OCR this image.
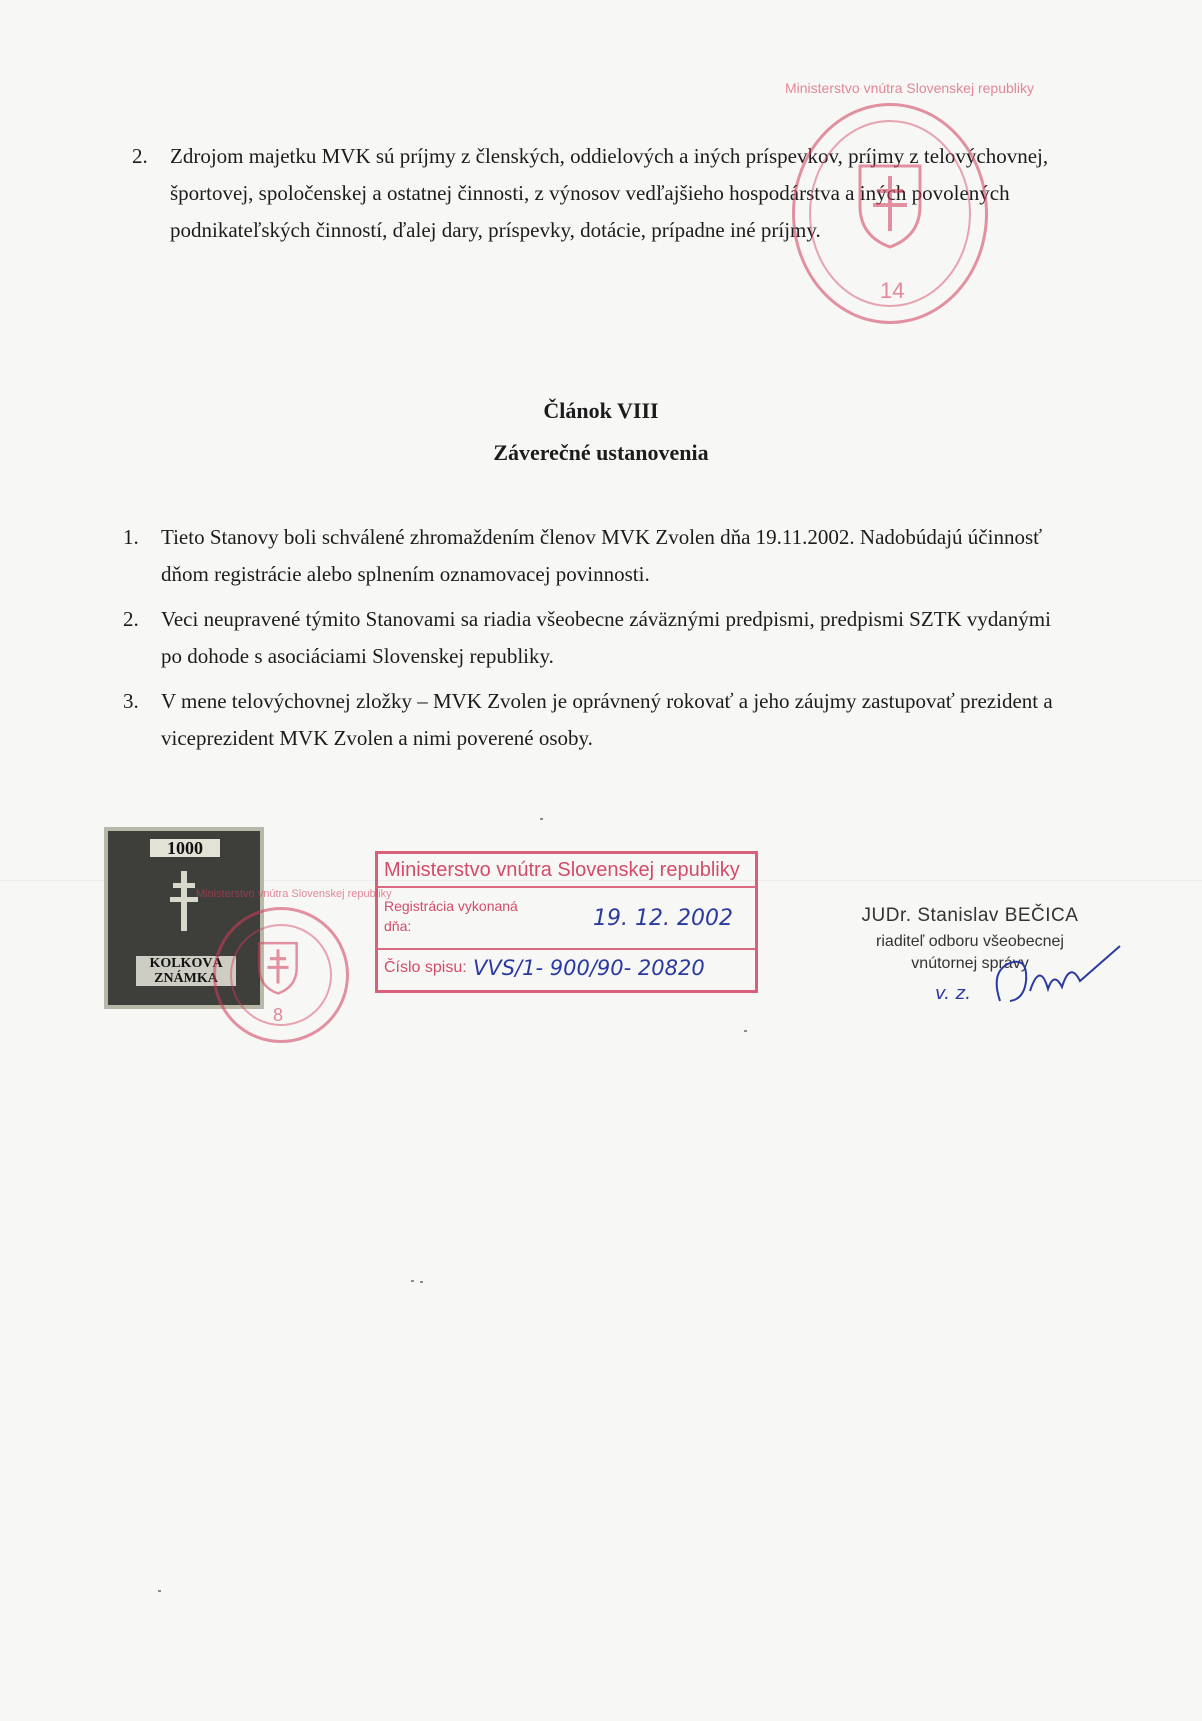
2. Zdrojom majetku MVK sú príjmy z členských, oddielových a iných príspevkov, príjmy z telovýchovnej, športovej, spoločenskej a ostatnej činnosti, z výnosov vedľajšieho hospodárstva a iných povolených podnikateľských činností, ďalej dary, príspevky, dotácie, prípadne iné príjmy.
Ministerstvo vnútra Slovenskej republiky
14
Článok VIII
Záverečné ustanovenia
1. Tieto Stanovy boli schválené zhromaždením členov MVK Zvolen dňa 19.11.2002. Nadobúdajú účinnosť dňom registrácie alebo splnením oznamovacej povinnosti.
2. Veci neupravené týmito Stanovami sa riadia všeobecne záväznými predpismi, predpismi SZTK vydanými po dohode s asociáciami Slovenskej republiky.
3. V mene telovýchovnej zložky – MVK Zvolen je oprávnený rokovať a jeho záujmy zastupovať prezident a viceprezident MVK Zvolen a nimi poverené osoby.
1000
KOLKOVÁ ZNÁMKA
Ministerstvo vnútra Slovenskej republiky
8
Ministerstvo vnútra Slovenskej republiky
Registrácia vykonaná dňa:	19. 12. 2002
Číslo spisu: VVS/1- 900/90- 20820
JUDr. Stanislav BEČICA
riaditeľ odboru všeobecnej
vnútornej správy
v. z.
